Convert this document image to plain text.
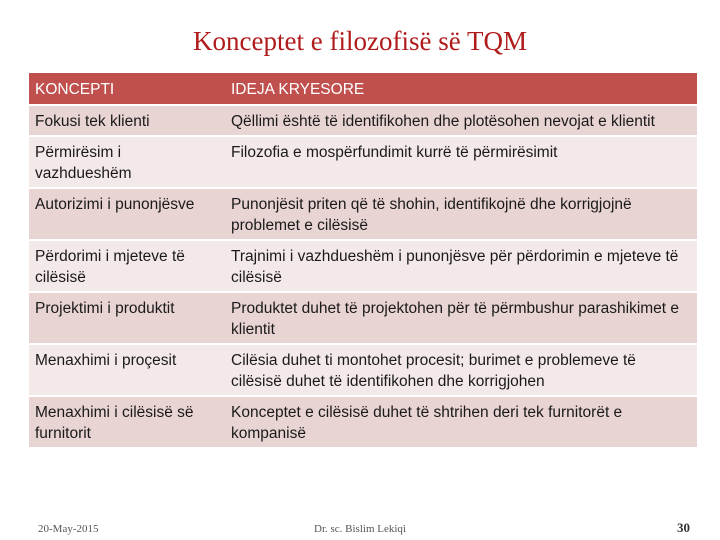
Konceptet e filozofisë së TQM
KONCEPTI	IDEJA KRYESORE
Fokusi tek klienti	Qëllimi është të identifikohen dhe plotësohen nevojat e klientit
Përmirësim i vazhdueshëm	Filozofia e mospërfundimit kurrë të përmirësimit
Autorizimi i punonjësve	Punonjësit priten që të shohin, identifikojnë dhe korrigjojnë problemet e cilësisë
Përdorimi i mjeteve të cilësisë	Trajnimi i vazhdueshëm i punonjësve për përdorimin e mjeteve të cilësisë
Projektimi i produktit	Produktet duhet të projektohen për të përmbushur parashikimet e klientit
Menaxhimi i proçesit	Cilësia duhet ti montohet procesit; burimet e problemeve të cilësisë duhet të identifikohen dhe korrigjohen
Menaxhimi i cilësisë së furnitorit	Konceptet e cilësisë duhet të shtrihen deri tek furnitorët e kompanisë
20-May-2015	Dr. sc. Bislim Lekiqi	30
